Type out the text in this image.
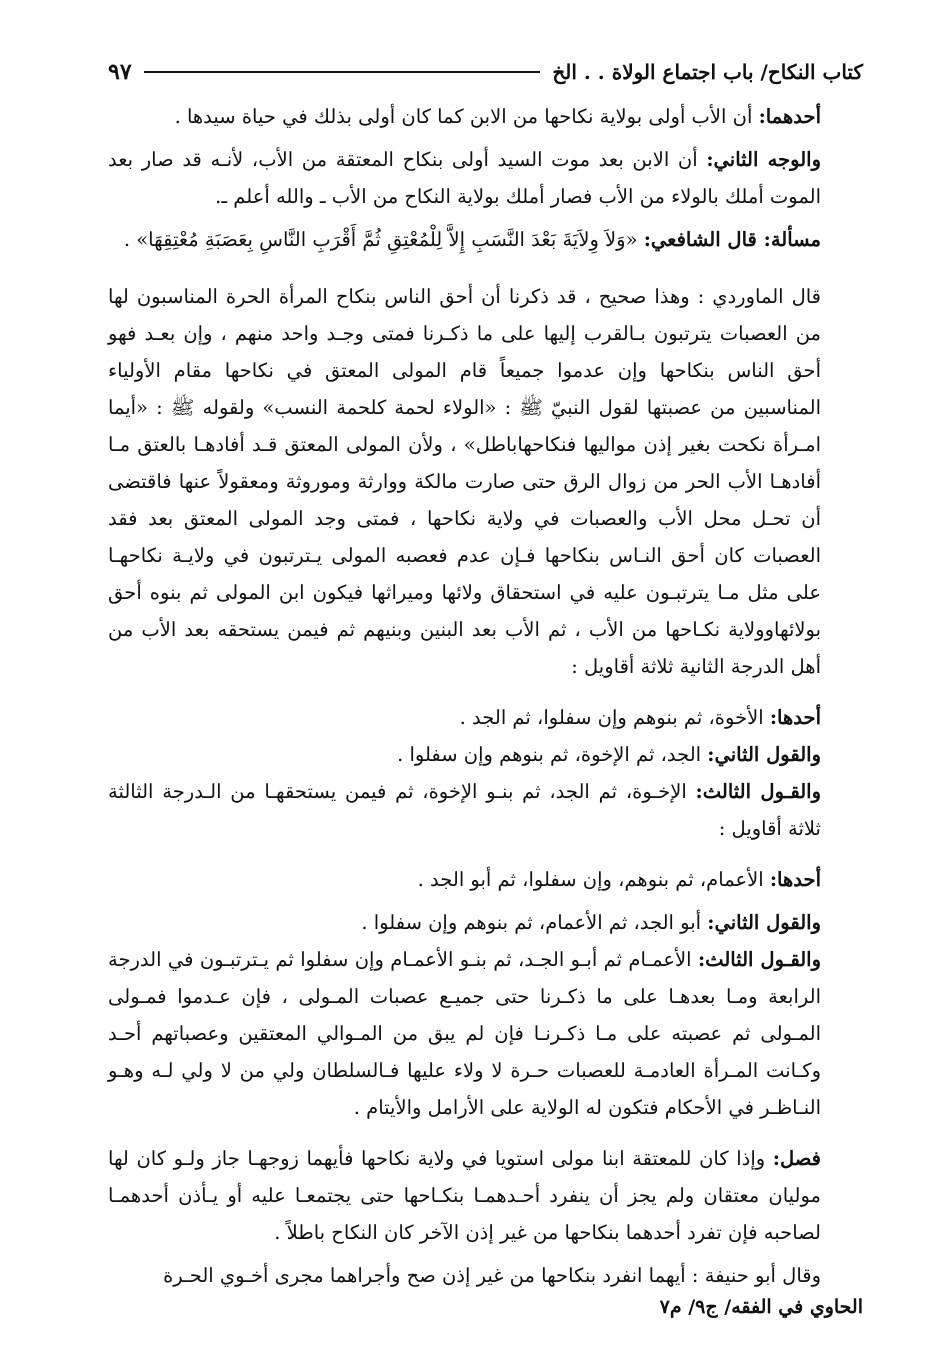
كتاب النكاح/ باب اجتماع الولاة . . الخ
٩٧

أحدهما: أن الأب أولى بولاية نكاحها من الابن كما كان أولى بذلك في حياة سيدها .

والوجه الثاني: أن الابن بعد موت السيد أولى بنكاح المعتقة من الأب، لأنـه قد صار بعد الموت أملك بالولاء من الأب فصار أملك بولاية النكاح من الأب ـ والله أعلم ـ.

مسألة: قال الشافعي: «وَلاَ وِلاَيَةَ بَعْدَ النَّسَبِ إِلاَّ لِلْمُعْتِقِ ثُمَّ أَقْرَبِ النَّاسِ بِعَصَبَةِ مُعْتِقِهَا» .

قال الماوردي : وهذا صحيح ، قد ذكرنا أن أحق الناس بنكاح المرأة الحرة المناسبون لها من العصبات يترتبون بـالقرب إليها على ما ذكـرنا فمتى وجـد واحد منهم ، وإن بعـد فهو أحق الناس بنكاحها وإن عدموا جميعاً قام المولى المعتق في نكاحها مقام الأولياء المناسبين من عصبتها لقول النبيّ ﷺ : «الولاء لحمة كلحمة النسب» ولقوله ﷺ : «أيما امـرأة نكحت بغير إذن مواليها فنكاحهاباطل» ، ولأن المولى المعتق قـد أفادهـا بالعتق مـا أفادهـا الأب الحر من زوال الرق حتى صارت مالكة ووارثة وموروثة ومعقولاً عنها فاقتضى أن تحـل محل الأب والعصبات في ولاية نكاحها ، فمتى وجد المولى المعتق بعد فقد العصبات كان أحق النـاس بنكاحها فـإن عدم فعصبه المولى يـترتبون في ولايـة نكاحهـا على مثل مـا يترتبـون عليه في استحقاق ولائها وميراثها فيكون ابن المولى ثم بنوه أحق بولائهاوولاية نكـاحها من الأب ، ثم الأب بعد البنين وبنيهم ثم فيمن يستحقه بعد الأب من أهل الدرجة الثانية ثلاثة أقاويل :

أحدها: الأخوة، ثم بنوهم وإن سفلوا، ثم الجد .

والقول الثاني: الجد، ثم الإخوة، ثم بنوهم وإن سفلوا .

والقـول الثالث: الإخـوة، ثم الجد، ثم بنـو الإخوة، ثم فيمن يستحقهـا من الـدرجة الثالثة ثلاثة أقاويل :

أحدها: الأعمام، ثم بنوهم، وإن سفلوا، ثم أبو الجد .

والقول الثاني: أبو الجد، ثم الأعمام، ثم بنوهم وإن سفلوا .

والقـول الثالث: الأعمـام ثم أبـو الجـد، ثم بنـو الأعمـام وإن سفلوا ثم يـترتبـون في الدرجة الرابعة ومـا بعدهـا على ما ذكـرنا حتى جميـع عصبات المـولى ، فإن عـدموا فمـولى المـولى ثم عصبته على مـا ذكـرنـا فإن لم يبق من المـوالي المعتقين وعصباتهم أحـد وكـانت المـرأة العادمـة للعصبات حـرة لا ولاء عليها فـالسلطان ولي من لا ولي لـه وهـو النـاظـر في الأحكام فتكون له الولاية على الأرامل والأيتام .

فصل: وإذا كان للمعتقة ابنا مولى استويا في ولاية نكاحها فأيهما زوجهـا جاز ولـو كان لها موليان معتقان ولم يجز أن ينفرد أحـدهمـا بنكـاحها حتى يجتمعـا عليه أو يـأذن أحدهمـا لصاحبه فإن تفرد أحدهما بنكاحها من غير إذن الآخر كان النكاح باطلاً .

وقال أبو حنيفة : أيهما انفرد بنكاحها من غير إذن صح وأجراهما مجرى أخـوي الحـرة

الحاوي في الفقه/ ج٩/ م٧
